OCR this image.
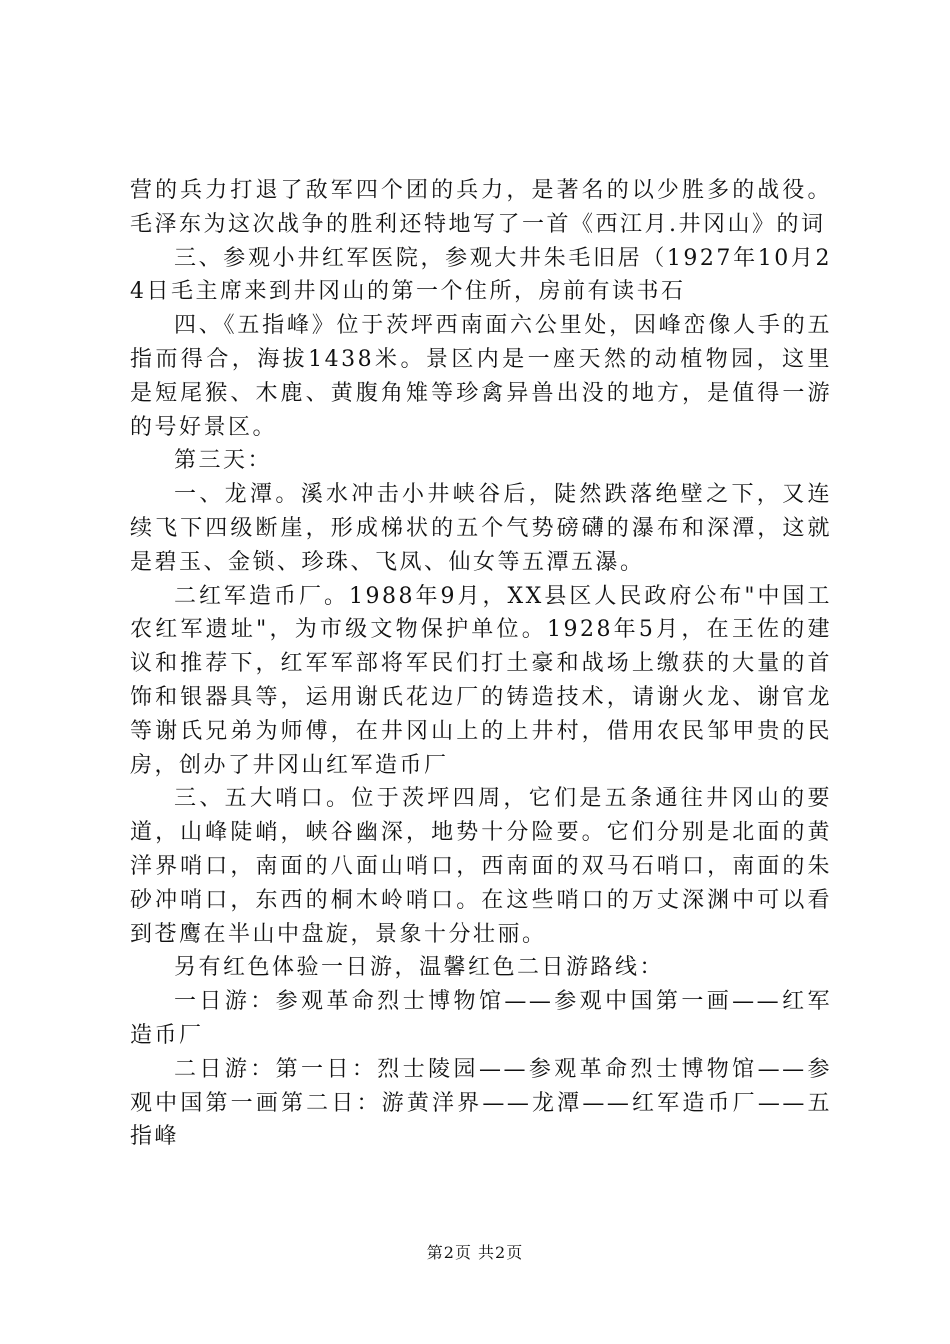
营的兵力打退了敌军四个团的兵力，是著名的以少胜多的战役。毛泽东为这次战争的胜利还特地写了一首《西江月.井冈山》的词

三、参观小井红军医院，参观大井朱毛旧居（1927年10月24日毛主席来到井冈山的第一个住所，房前有读书石

四、《五指峰》位于茨坪西南面六公里处，因峰峦像人手的五指而得合，海拔1438米。景区内是一座天然的动植物园，这里是短尾猴、木鹿、黄腹角雉等珍禽异兽出没的地方，是值得一游的号好景区。

第三天：

一、龙潭。溪水冲击小井峡谷后，陡然跌落绝壁之下，又连续飞下四级断崖，形成梯状的五个气势磅礴的瀑布和深潭，这就是碧玉、金锁、珍珠、飞凤、仙女等五潭五瀑。

二红军造币厂。1988年9月，XX县区人民政府公布"中国工农红军遗址"，为市级文物保护单位。1928年5月，在王佐的建议和推荐下，红军军部将军民们打土豪和战场上缴获的大量的首饰和银器具等，运用谢氏花边厂的铸造技术，请谢火龙、谢官龙等谢氏兄弟为师傅，在井冈山上的上井村，借用农民邹甲贵的民房，创办了井冈山红军造币厂

三、五大哨口。位于茨坪四周，它们是五条通往井冈山的要道，山峰陡峭，峡谷幽深，地势十分险要。它们分别是北面的黄洋界哨口，南面的八面山哨口，西南面的双马石哨口，南面的朱砂冲哨口，东西的桐木岭哨口。在这些哨口的万丈深渊中可以看到苍鹰在半山中盘旋，景象十分壮丽。

另有红色体验一日游，温馨红色二日游路线：

一日游：参观革命烈士博物馆——参观中国第一画——红军造币厂

二日游：第一日：烈士陵园——参观革命烈士博物馆——参观中国第一画第二日：游黄洋界——龙潭——红军造币厂——五指峰

第2页 共2页
